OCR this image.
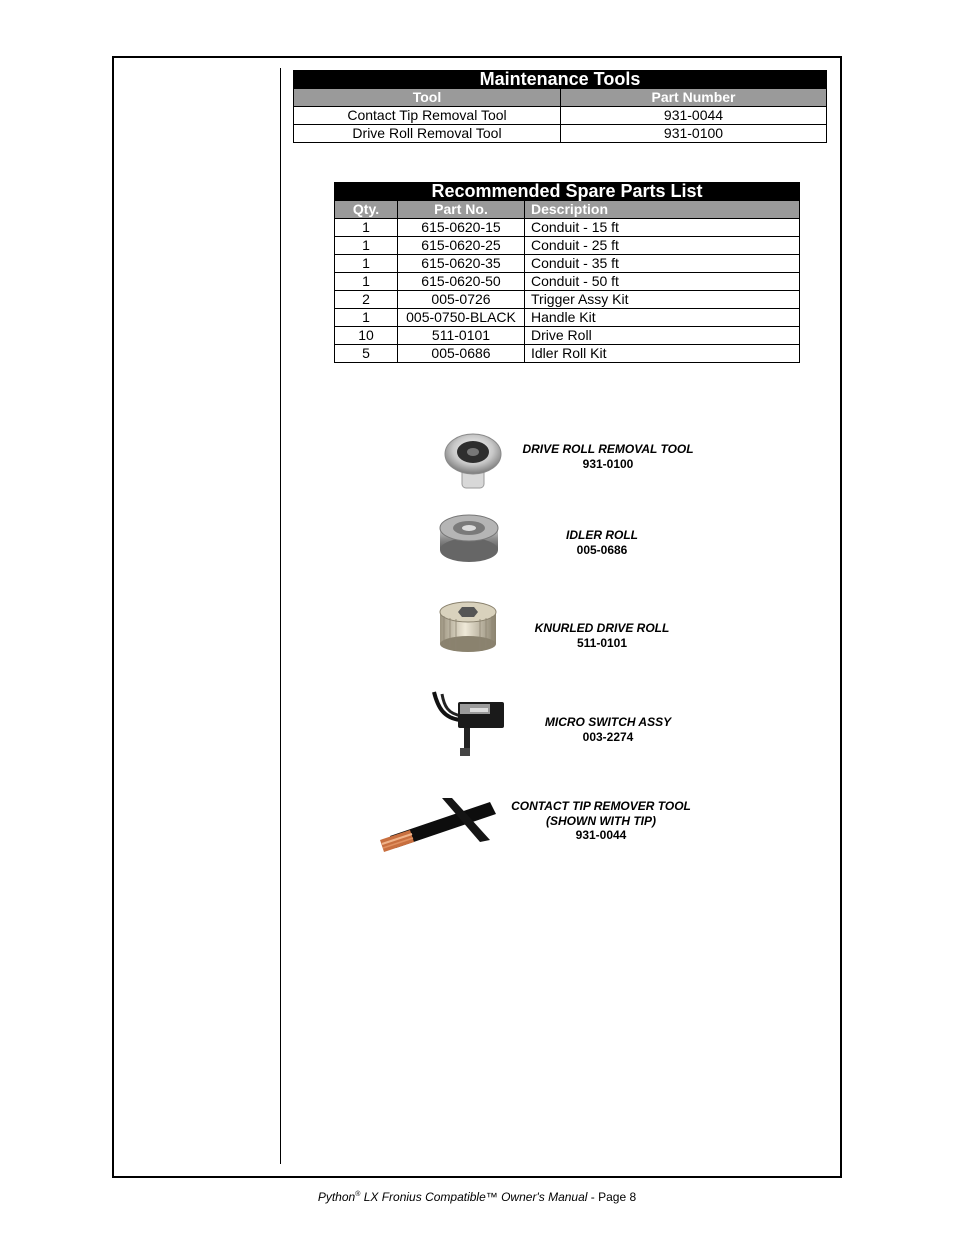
Maintenance Tools	
Tool	Part Number
Contact Tip Removal Tool	931-0044
Drive Roll Removal Tool	931-0100
Recommended Spare Parts List		
Qty.	Part No.	Description
1	615-0620-15	Conduit - 15 ft
1	615-0620-25	Conduit - 25 ft
1	615-0620-35	Conduit - 35 ft
1	615-0620-50	Conduit - 50 ft
2	005-0726	Trigger Assy Kit
1	005-0750-BLACK	Handle Kit
10	511-0101	Drive Roll
5	005-0686	Idler Roll Kit
DRIVE ROLL REMOVAL TOOL
931-0100
IDLER ROLL
005-0686
KNURLED DRIVE ROLL
511-0101
MICRO SWITCH ASSY
003-2274
CONTACT TIP REMOVER TOOL
(SHOWN WITH TIP)
931-0044
Python® LX Fronius Compatible™ Owner's Manual - Page 8
